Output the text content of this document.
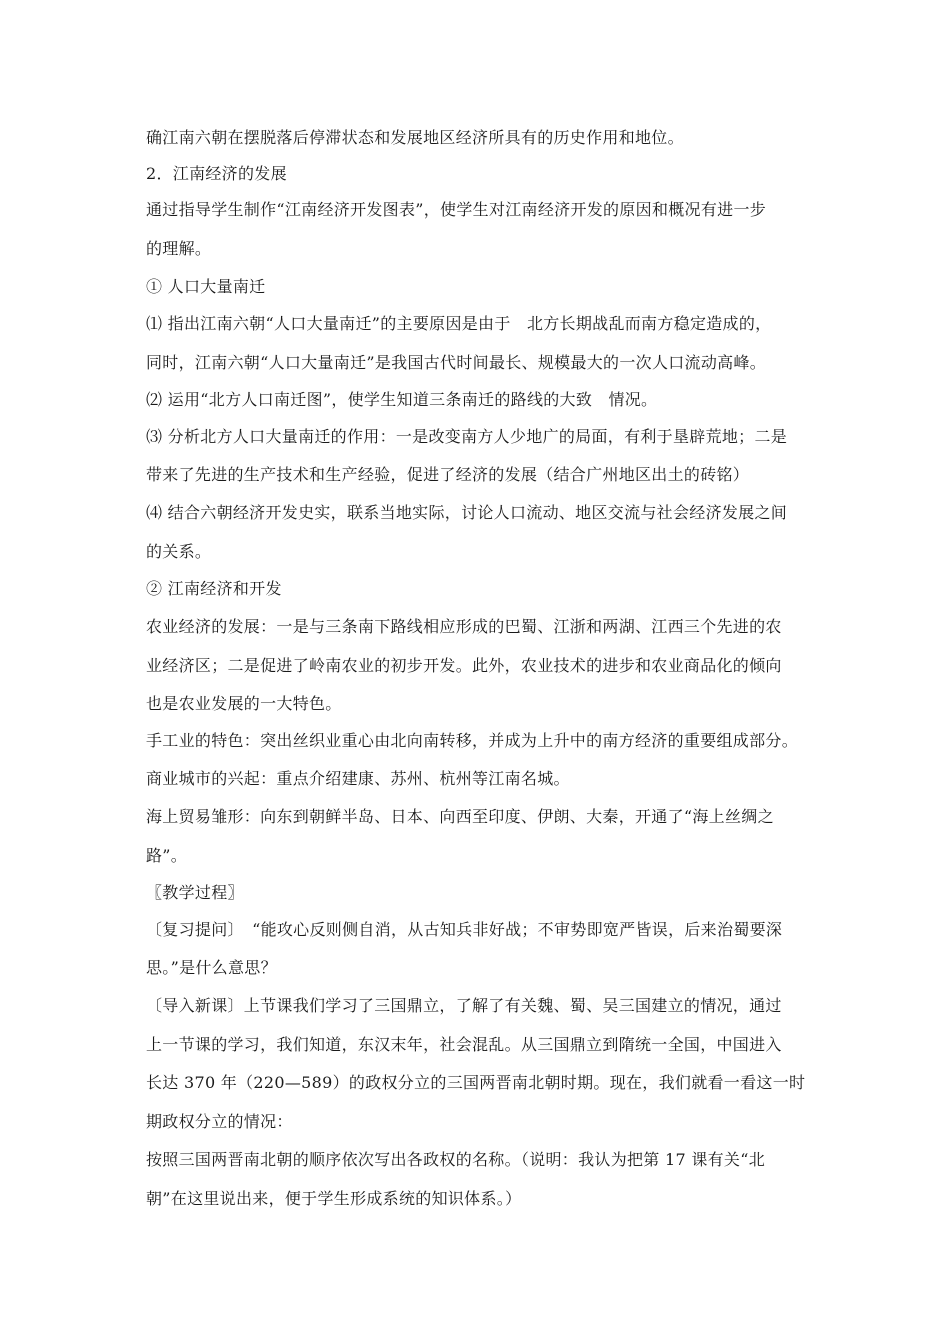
确江南六朝在摆脱落后停滞状态和发展地区经济所具有的历史作用和地位。
2．江南经济的发展
通过指导学生制作“江南经济开发图表”，使学生对江南经济开发的原因和概况有进一步
的理解。
① 人口大量南迁
⑴ 指出江南六朝“人口大量南迁”的主要原因是由于　北方长期战乱而南方稳定造成的，
同时，江南六朝“人口大量南迁”是我国古代时间最长、规模最大的一次人口流动高峰。
⑵ 运用“北方人口南迁图”，使学生知道三条南迁的路线的大致　情况。
⑶ 分析北方人口大量南迁的作用：一是改变南方人少地广的局面，有利于垦辟荒地；二是
带来了先进的生产技术和生产经验，促进了经济的发展（结合广州地区出土的砖铭）
⑷ 结合六朝经济开发史实，联系当地实际，讨论人口流动、地区交流与社会经济发展之间
的关系。
② 江南经济和开发
农业经济的发展：一是与三条南下路线相应形成的巴蜀、江浙和两湖、江西三个先进的农
业经济区；二是促进了岭南农业的初步开发。此外，农业技术的进步和农业商品化的倾向
也是农业发展的一大特色。
手工业的特色：突出丝织业重心由北向南转移，并成为上升中的南方经济的重要组成部分。
商业城市的兴起：重点介绍建康、苏州、杭州等江南名城。
海上贸易雏形：向东到朝鲜半岛、日本、向西至印度、伊朗、大秦，开通了“海上丝绸之
路”。
〖教学过程〗
〔复习提问〕　“能攻心反则侧自消，从古知兵非好战；不审势即宽严皆误，后来治蜀要深
思。”是什么意思？
〔导入新课〕上节课我们学习了三国鼎立，了解了有关魏、蜀、吴三国建立的情况，通过
上一节课的学习，我们知道，东汉末年，社会混乱。从三国鼎立到隋统一全国，中国进入
长达 370 年（220—589）的政权分立的三国两晋南北朝时期。现在，我们就看一看这一时
期政权分立的情况：
按照三国两晋南北朝的顺序依次写出各政权的名称。（说明：我认为把第 17 课有关“北
朝”在这里说出来，便于学生形成系统的知识体系。）
